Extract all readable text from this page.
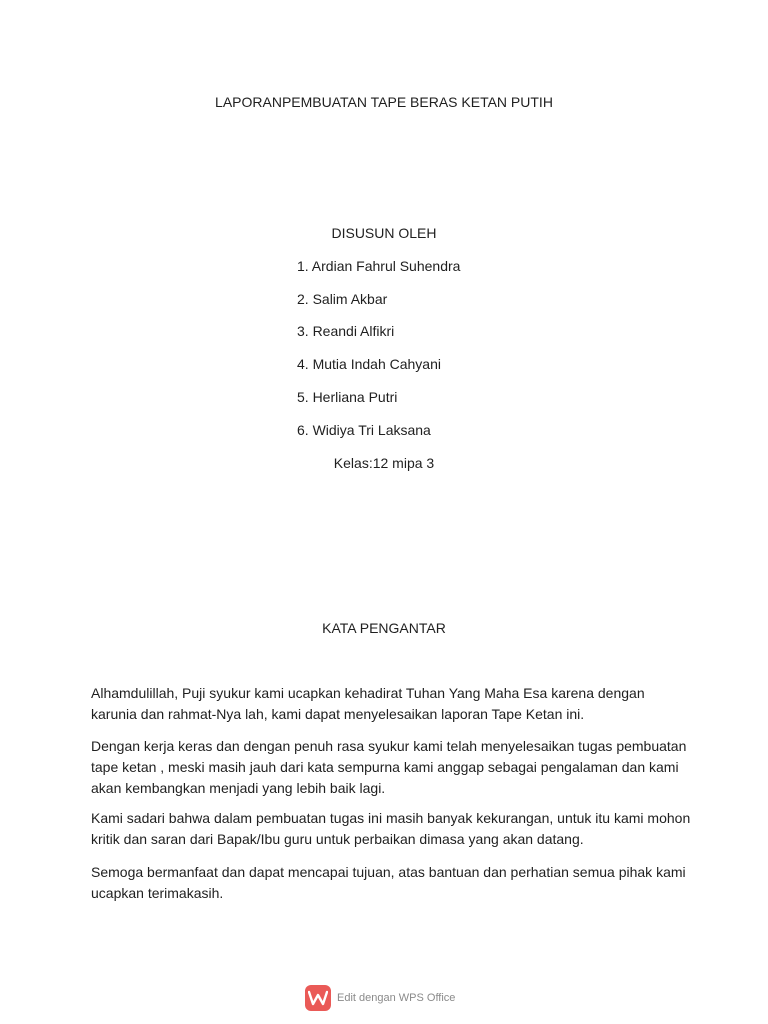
LAPORANPEMBUATAN TAPE BERAS KETAN PUTIH
DISUSUN OLEH
1. Ardian Fahrul Suhendra
2. Salim Akbar
3. Reandi Alfikri
4. Mutia Indah Cahyani
5. Herliana Putri
6. Widiya Tri Laksana
Kelas:12 mipa 3
KATA PENGANTAR

Alhamdulillah, Puji syukur kami ucapkan kehadirat Tuhan Yang Maha Esa karena dengan karunia dan rahmat-Nya lah, kami dapat menyelesaikan laporan Tape Ketan ini.

Dengan kerja keras dan dengan penuh rasa syukur kami telah menyelesaikan tugas pembuatan tape ketan , meski masih jauh dari kata sempurna kami anggap sebagai pengalaman dan kami akan kembangkan menjadi yang lebih baik lagi.

Kami sadari bahwa dalam pembuatan tugas ini masih banyak kekurangan, untuk itu kami mohon kritik dan saran dari Bapak/Ibu guru untuk perbaikan dimasa yang akan datang.

Semoga bermanfaat dan dapat mencapai tujuan, atas bantuan dan perhatian semua pihak kami ucapkan terimakasih.

Edit dengan WPS Office
